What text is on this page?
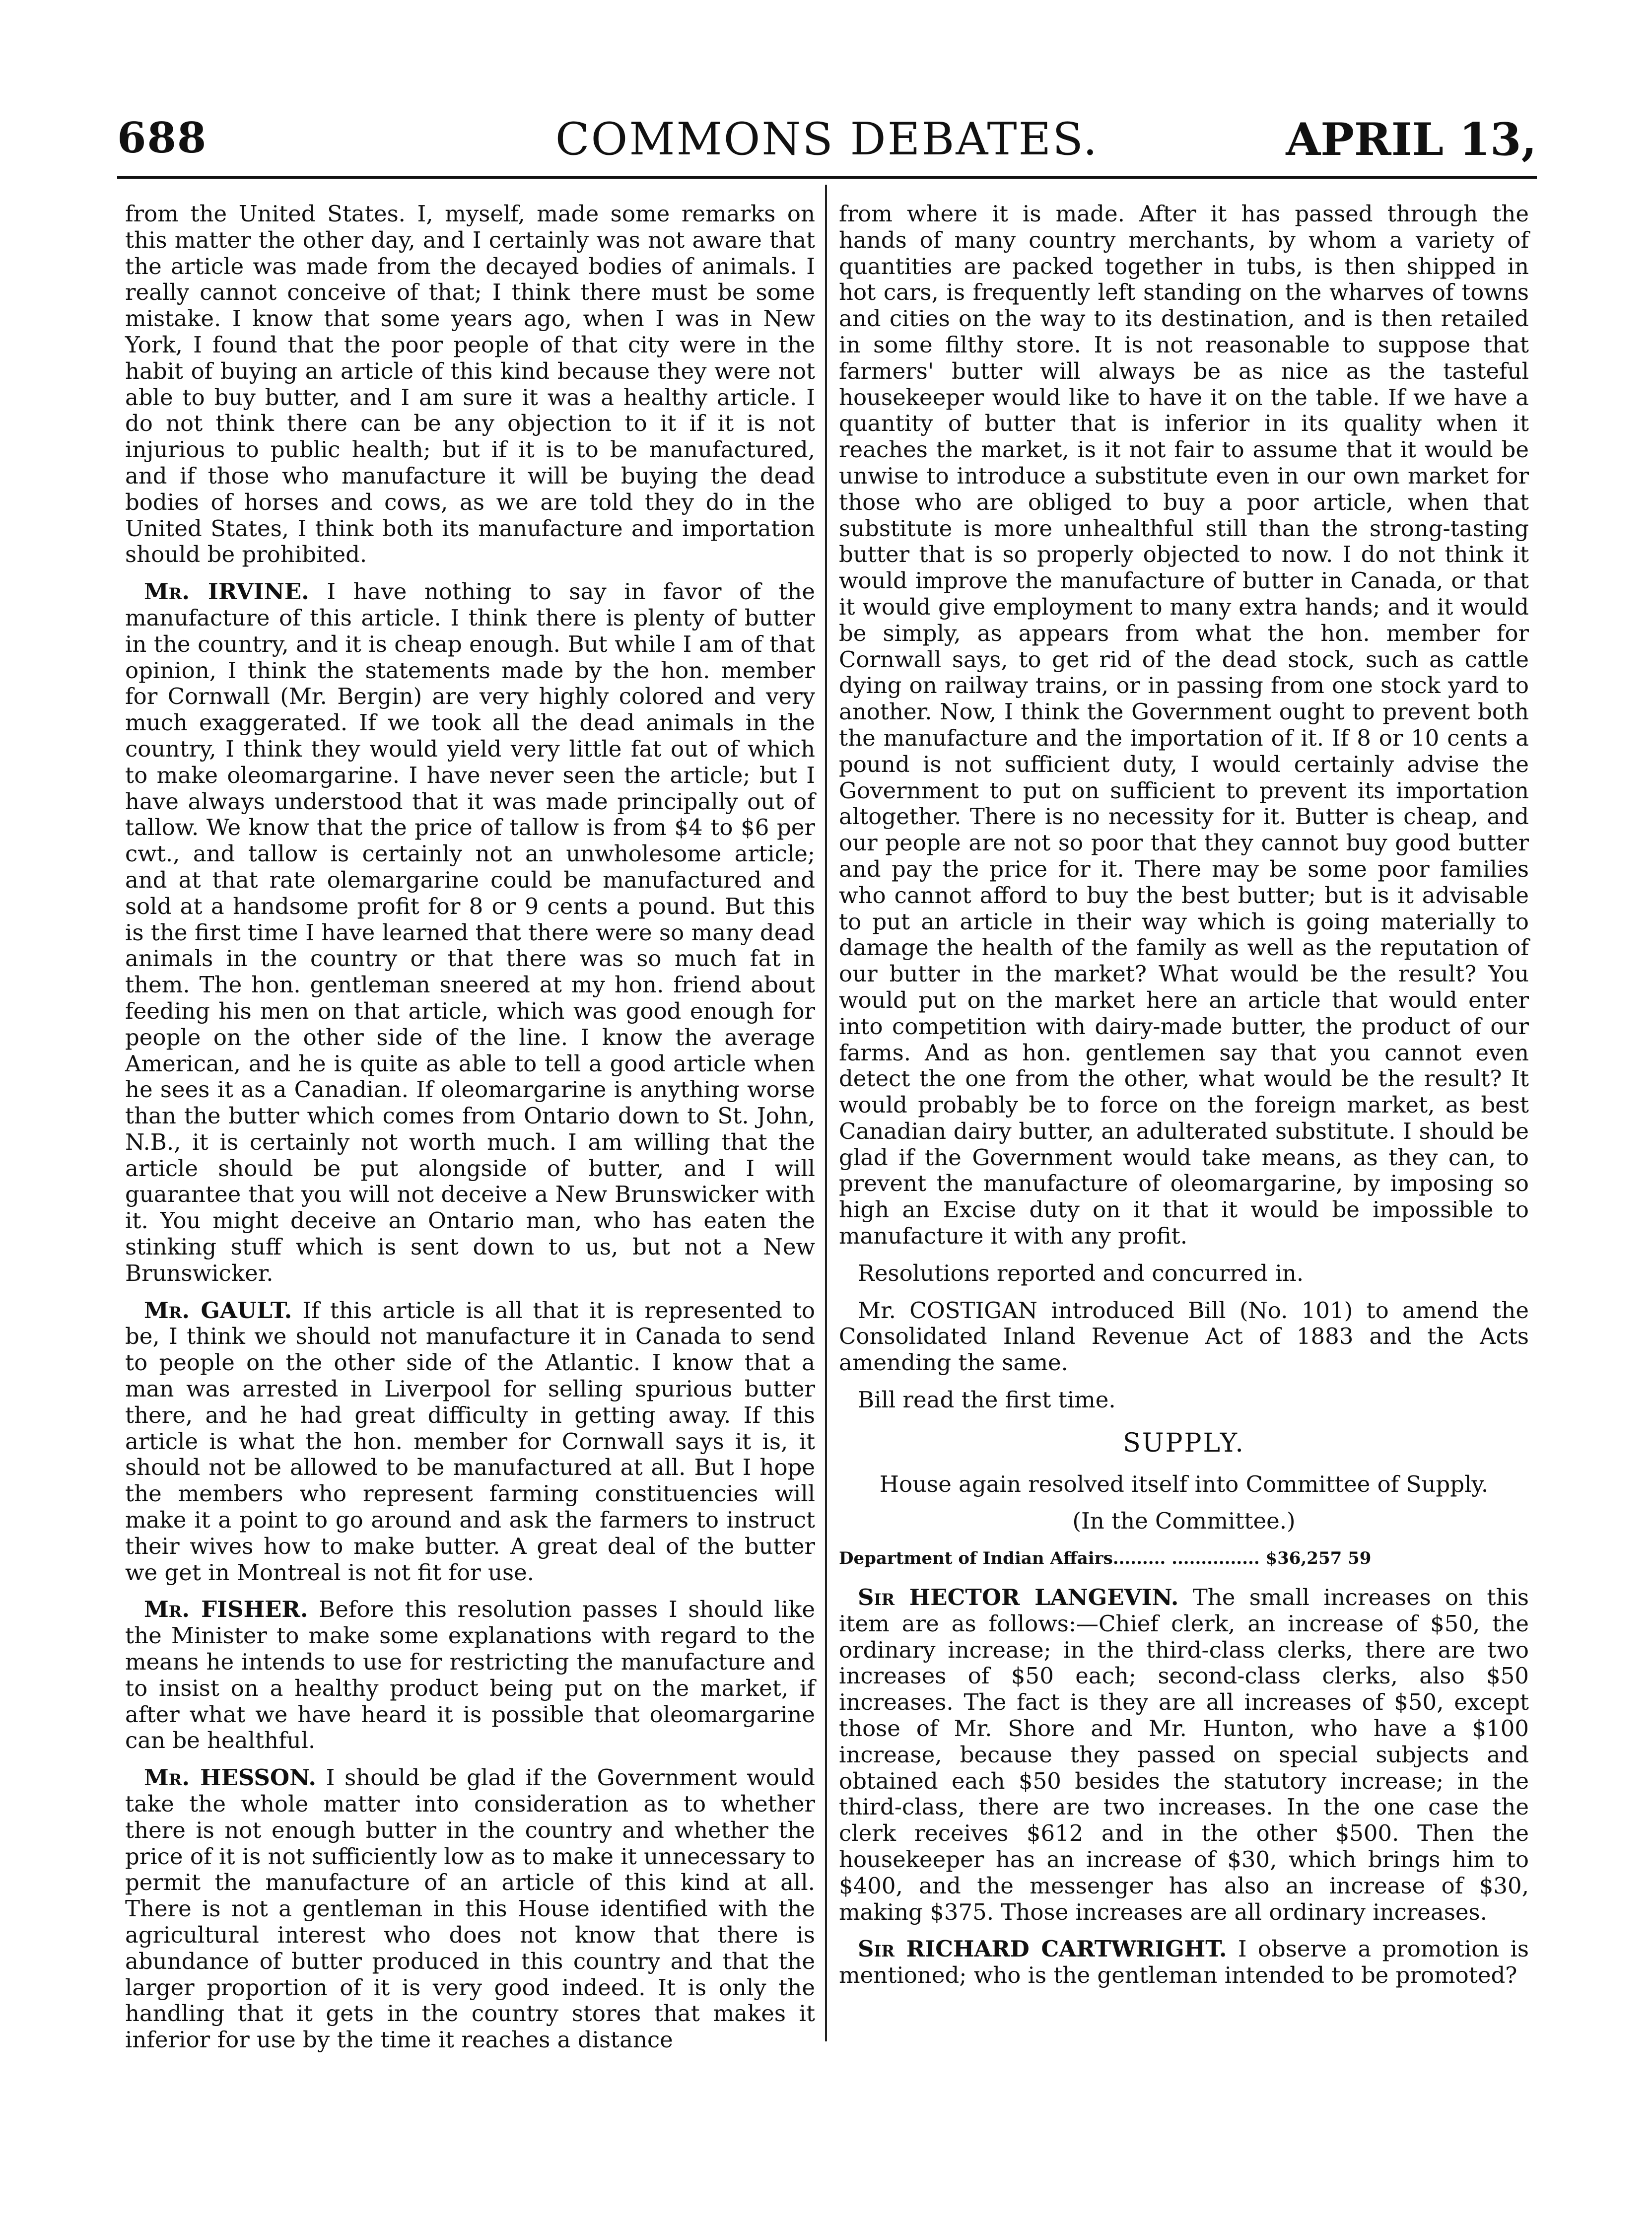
688	COMMONS DEBATES.	APRIL 13,

from the United States. I, myself, made some remarks on this matter the other day, and I certainly was not aware that the article was made from the decayed bodies of animals. I really cannot conceive of that; I think there must be some mistake. I know that some years ago, when I was in New York, I found that the poor people of that city were in the habit of buying an article of this kind because they were not able to buy butter, and I am sure it was a healthy article. I do not think there can be any objection to it if it is not injurious to public health; but if it is to be manufactured, and if those who manufacture it will be buying the dead bodies of horses and cows, as we are told they do in the United States, I think both its manufacture and importation should be prohibited.

Mr. IRVINE. I have nothing to say in favor of the manufacture of this article. I think there is plenty of butter in the country, and it is cheap enough. But while I am of that opinion, I think the statements made by the hon. member for Cornwall (Mr. Bergin) are very highly colored and very much exaggerated. If we took all the dead animals in the country, I think they would yield very little fat out of which to make oleomargarine. I have never seen the article; but I have always understood that it was made principally out of tallow. We know that the price of tallow is from $4 to $6 per cwt., and tallow is certainly not an unwholesome article; and at that rate olemargarine could be manufactured and sold at a handsome profit for 8 or 9 cents a pound. But this is the first time I have learned that there were so many dead animals in the country or that there was so much fat in them. The hon. gentleman sneered at my hon. friend about feeding his men on that article, which was good enough for people on the other side of the line. I know the average American, and he is quite as able to tell a good article when he sees it as a Canadian. If oleomargarine is anything worse than the butter which comes from Ontario down to St. John, N.B., it is certainly not worth much. I am willing that the article should be put alongside of butter, and I will guarantee that you will not deceive a New Brunswicker with it. You might deceive an Ontario man, who has eaten the stinking stuff which is sent down to us, but not a New Brunswicker.

Mr. GAULT. If this article is all that it is represented to be, I think we should not manufacture it in Canada to send to people on the other side of the Atlantic. I know that a man was arrested in Liverpool for selling spurious butter there, and he had great difficulty in getting away. If this article is what the hon. member for Cornwall says it is, it should not be allowed to be manufactured at all. But I hope the members who represent farming constituencies will make it a point to go around and ask the farmers to instruct their wives how to make butter. A great deal of the butter we get in Montreal is not fit for use.

Mr. FISHER. Before this resolution passes I should like the Minister to make some explanations with regard to the means he intends to use for restricting the manufacture and to insist on a healthy product being put on the market, if after what we have heard it is possible that oleomargarine can be healthful.

Mr. HESSON. I should be glad if the Government would take the whole matter into consideration as to whether there is not enough butter in the country and whether the price of it is not sufficiently low as to make it unnecessary to permit the manufacture of an article of this kind at all. There is not a gentleman in this House identified with the agricultural interest who does not know that there is abundance of butter produced in this country and that the larger proportion of it is very good indeed. It is only the handling that it gets in the country stores that makes it inferior for use by the time it reaches a distance

from where it is made. After it has passed through the hands of many country merchants, by whom a variety of quantities are packed together in tubs, is then shipped in hot cars, is frequently left standing on the wharves of towns and cities on the way to its destination, and is then retailed in some filthy store. It is not reasonable to suppose that farmers' butter will always be as nice as the tasteful housekeeper would like to have it on the table. If we have a quantity of butter that is inferior in its quality when it reaches the market, is it not fair to assume that it would be unwise to introduce a substitute even in our own market for those who are obliged to buy a poor article, when that substitute is more unhealthful still than the strong-tasting butter that is so properly objected to now. I do not think it would improve the manufacture of butter in Canada, or that it would give employment to many extra hands; and it would be simply, as appears from what the hon. member for Cornwall says, to get rid of the dead stock, such as cattle dying on railway trains, or in passing from one stock yard to another. Now, I think the Government ought to prevent both the manufacture and the importation of it. If 8 or 10 cents a pound is not sufficient duty, I would certainly advise the Government to put on sufficient to prevent its importation altogether. There is no necessity for it. Butter is cheap, and our people are not so poor that they cannot buy good butter and pay the price for it. There may be some poor families who cannot afford to buy the best butter; but is it advisable to put an article in their way which is going materially to damage the health of the family as well as the reputation of our butter in the market? What would be the result? You would put on the market here an article that would enter into competition with dairy-made butter, the product of our farms. And as hon. gentlemen say that you cannot even detect the one from the other, what would be the result? It would probably be to force on the foreign market, as best Canadian dairy butter, an adulterated substitute. I should be glad if the Government would take means, as they can, to prevent the manufacture of oleomargarine, by imposing so high an Excise duty on it that it would be impossible to manufacture it with any profit.

Resolutions reported and concurred in.

Mr. COSTIGAN introduced Bill (No. 101) to amend the Consolidated Inland Revenue Act of 1883 and the Acts amending the same.

Bill read the first time.

SUPPLY.

House again resolved itself into Committee of Supply.

(In the Committee.)

Department of Indian Affairs......... ............... $36,257 59

Sir HECTOR LANGEVIN. The small increases on this item are as follows:—Chief clerk, an increase of $50, the ordinary increase; in the third-class clerks, there are two increases of $50 each; second-class clerks, also $50 increases. The fact is they are all increases of $50, except those of Mr. Shore and Mr. Hunton, who have a $100 increase, because they passed on special subjects and obtained each $50 besides the statutory increase; in the third-class, there are two increases. In the one case the clerk receives $612 and in the other $500. Then the housekeeper has an increase of $30, which brings him to $400, and the messenger has also an increase of $30, making $375. Those increases are all ordinary increases.

Sir RICHARD CARTWRIGHT. I observe a promotion is mentioned; who is the gentleman intended to be promoted?
